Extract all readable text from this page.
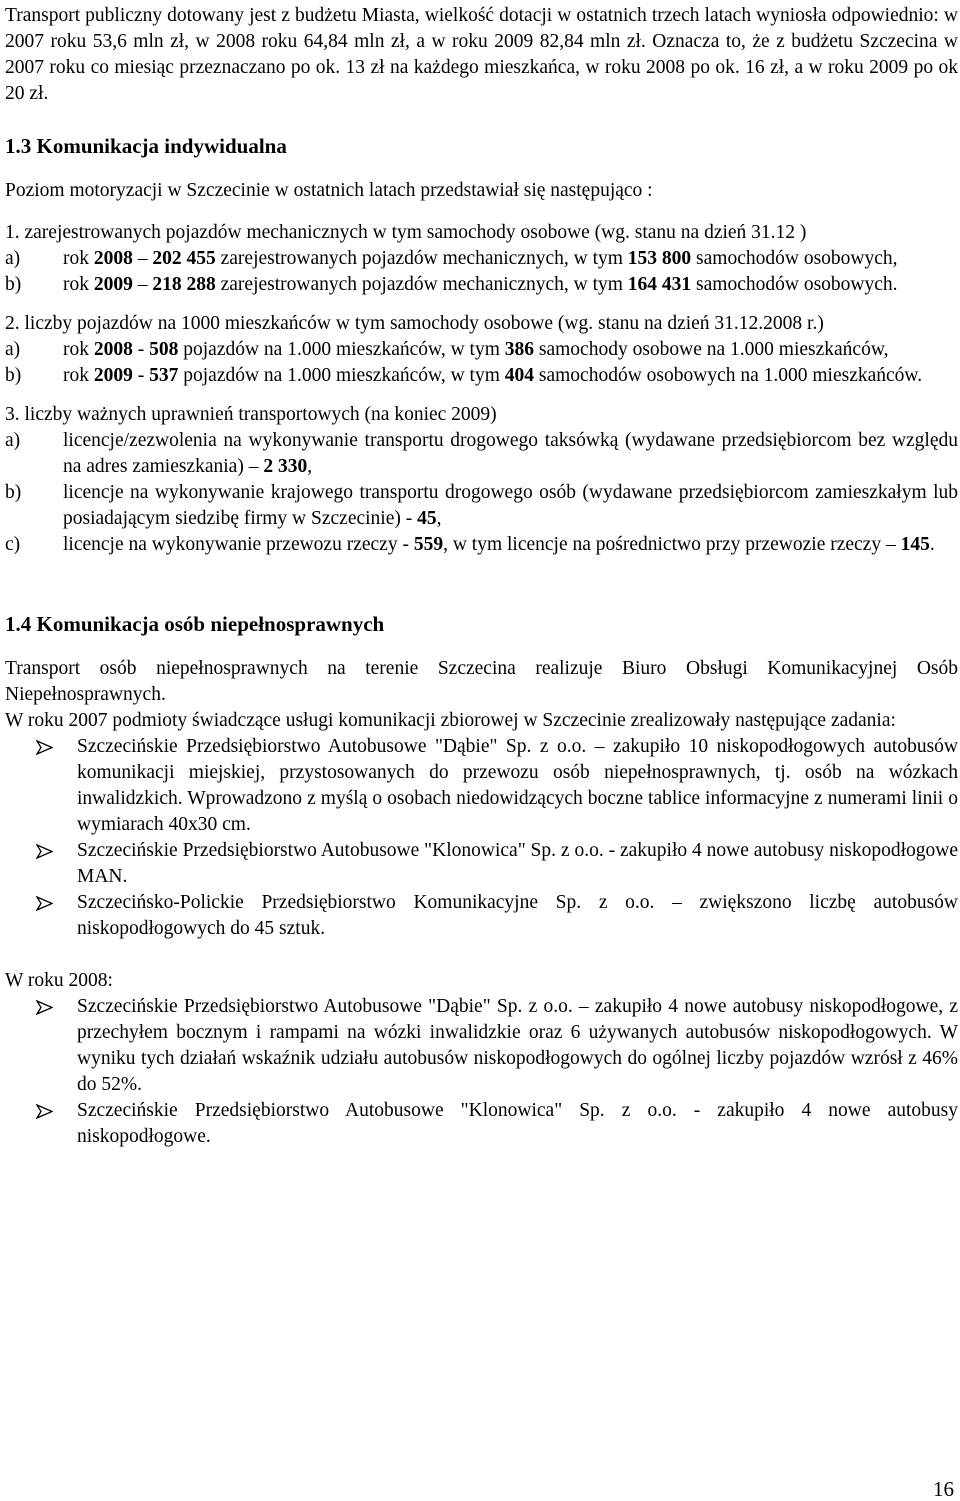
Transport publiczny dotowany jest z budżetu Miasta, wielkość dotacji w ostatnich trzech latach wyniosła odpowiednio: w 2007 roku 53,6 mln zł, w 2008 roku 64,84 mln zł, a w roku 2009 82,84 mln zł. Oznacza to, że z budżetu Szczecina w 2007 roku co miesiąc przeznaczano po ok. 13 zł na każdego mieszkańca, w roku 2008 po ok. 16 zł, a w roku 2009 po ok 20 zł.

1.3 Komunikacja indywidualna

Poziom motoryzacji w Szczecinie w ostatnich latach przedstawiał się następująco :

1. zarejestrowanych pojazdów mechanicznych w tym samochody osobowe (wg. stanu na dzień 31.12 )

a) rok 2008 – 202 455 zarejestrowanych pojazdów mechanicznych, w tym 153 800 samochodów osobowych,
b) rok 2009 – 218 288 zarejestrowanych pojazdów mechanicznych, w tym 164 431 samochodów osobowych.

2. liczby pojazdów na 1000 mieszkańców w tym samochody osobowe (wg. stanu na dzień 31.12.2008 r.)

a) rok 2008 - 508 pojazdów na 1.000 mieszkańców, w tym 386 samochody osobowe na 1.000 mieszkańców,
b) rok 2009 - 537 pojazdów na 1.000 mieszkańców, w tym 404 samochodów osobowych na 1.000 mieszkańców.

3. liczby ważnych uprawnień transportowych (na koniec 2009)

a) licencje/zezwolenia na wykonywanie transportu drogowego taksówką (wydawane przedsiębiorcom bez względu na adres zamieszkania) – 2 330,
b) licencje na wykonywanie krajowego transportu drogowego osób (wydawane przedsiębiorcom zamieszkałym lub posiadającym siedzibę firmy w Szczecinie) - 45,
c) licencje na wykonywanie przewozu rzeczy - 559, w tym licencje na pośrednictwo przy przewozie rzeczy – 145.
1.4 Komunikacja osób niepełnosprawnych

Transport osób niepełnosprawnych na terenie Szczecina realizuje Biuro Obsługi Komunikacyjnej Osób Niepełnosprawnych.

W roku 2007 podmioty świadczące usługi komunikacji zbiorowej w Szczecinie zrealizowały następujące zadania:

Szczecińskie Przedsiębiorstwo Autobusowe "Dąbie" Sp. z o.o. – zakupiło 10 niskopodłogowych autobusów komunikacji miejskiej, przystosowanych do przewozu osób niepełnosprawnych, tj. osób na wózkach inwalidzkich. Wprowadzono z myślą o osobach niedowidzących boczne tablice informacyjne z numerami linii o wymiarach 40x30 cm.
Szczecińskie Przedsiębiorstwo Autobusowe "Klonowica" Sp. z o.o. - zakupiło 4 nowe autobusy niskopodłogowe MAN.
Szczecińsko-Polickie Przedsiębiorstwo Komunikacyjne Sp. z o.o. – zwiększono liczbę autobusów niskopodłogowych do 45 sztuk.

W roku 2008:

Szczecińskie Przedsiębiorstwo Autobusowe "Dąbie" Sp. z o.o. – zakupiło 4 nowe autobusy niskopodłogowe, z przechyłem bocznym i rampami na wózki inwalidzkie oraz 6 używanych autobusów niskopodłogowych. W wyniku tych działań wskaźnik udziału autobusów niskopodłogowych do ogólnej liczby pojazdów wzrósł z 46% do 52%.
Szczecińskie Przedsiębiorstwo Autobusowe "Klonowica" Sp. z o.o. - zakupiło 4 nowe autobusy niskopodłogowe.
16
